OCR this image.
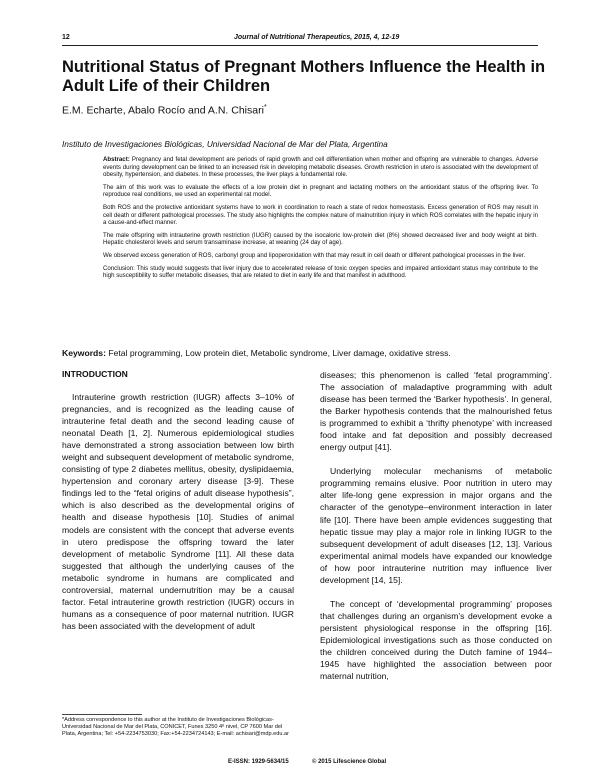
12	Journal of Nutritional Therapeutics, 2015, 4, 12-19
Nutritional Status of Pregnant Mothers Influence the Health in Adult Life of their Children
E.M. Echarte, Abalo Rocío and A.N. Chisari*
Instituto de Investigaciones Biológicas, Universidad Nacional de Mar del Plata, Argentina

Abstract: Pregnancy and fetal development are periods of rapid growth and cell differentiation when mother and offspring are vulnerable to changes. Adverse events during development can be linked to an increased risk in developing metabolic diseases. Growth restriction in utero is associated with the development of obesity, hypertension, and diabetes. In these processes, the liver plays a fundamental role.

The aim of this work was to evaluate the effects of a low protein diet in pregnant and lactating mothers on the antioxidant status of the offspring liver. To reproduce real conditions, we used an experimental rat model.

Both ROS and the protective antioxidant systems have to work in coordination to reach a state of redox homeostasis. Excess generation of ROS may result in cell death or different pathological processes. The study also highlights the complex nature of malnutrition injury in which ROS correlates with the hepatic injury in a cause-and-effect manner.

The male offspring with intrauterine growth restriction (IUGR) caused by the isocaloric low-protein diet (8%) showed decreased liver and body weight at birth. Hepatic cholesterol levels and serum transaminase increase, at weaning (24 day of age).

We observed excess generation of ROS, carbonyl group and lipoperoxidation with that may result in cell death or different pathological processes in the liver.

Conclusion: This study would suggests that liver injury due to accelerated release of toxic oxygen species and impaired antioxidant status may contribute to the high susceptibility to suffer metabolic diseases, that are related to diet in early life and that manifest in adulthood.

Keywords: Fetal programming, Low protein diet, Metabolic syndrome, Liver damage, oxidative stress.
INTRODUCTION

Intrauterine growth restriction (IUGR) affects 3–10% of pregnancies, and is recognized as the leading cause of intrauterine fetal death and the second leading cause of neonatal Death [1, 2]. Numerous epidemiological studies have demonstrated a strong association between low birth weight and subsequent development of metabolic syndrome, consisting of type 2 diabetes mellitus, obesity, dyslipidaemia, hypertension and coronary artery disease [3-9]. These findings led to the “fetal origins of adult disease hypothesis”, which is also described as the developmental origins of health and disease hypothesis [10]. Studies of animal models are consistent with the concept that adverse events in utero predispose the offspring toward the later development of metabolic Syndrome [11]. All these data suggested that although the underlying causes of the metabolic syndrome in humans are complicated and controversial, maternal undernutrition may be a causal factor. Fetal intrauterine growth restriction (IUGR) occurs in humans as a consequence of poor maternal nutrition. IUGR has been associated with the development of adult

diseases; this phenomenon is called ‘fetal programming’. The association of maladaptive programming with adult disease has been termed the ‘Barker hypothesis’. In general, the Barker hypothesis contends that the malnourished fetus is programmed to exhibit a ‘thrifty phenotype’ with increased food intake and fat deposition and possibly decreased energy output [41].

Underlying molecular mechanisms of metabolic programming remains elusive. Poor nutrition in utero may alter life-long gene expression in major organs and the character of the genotype–environment interaction in later life [10]. There have been ample evidences suggesting that hepatic tissue may play a major role in linking IUGR to the subsequent development of adult diseases [12, 13]. Various experimental animal models have expanded our knowledge of how poor intrauterine nutrition may influence liver development [14, 15].

The concept of ‘developmental programming’ proposes that challenges during an organism’s development evoke a persistent physiological response in the offspring [16]. Epidemiological investigations such as those conducted on the children conceived during the Dutch famine of 1944–1945 have highlighted the association between poor maternal nutrition,

*Address correspondence to this author at the Instituto de Investigaciones Biológicas-Universidad Nacional de Mar del Plata, CONICET, Funes 3250 4º nivel, CP 7600 Mar del Plata, Argentina; Tel: +54-2234753030; Fax:+54-2234724143; E-mail: achisari@mdp.edu.ar
E-ISSN: 1929-5634/15	© 2015 Lifescience Global
